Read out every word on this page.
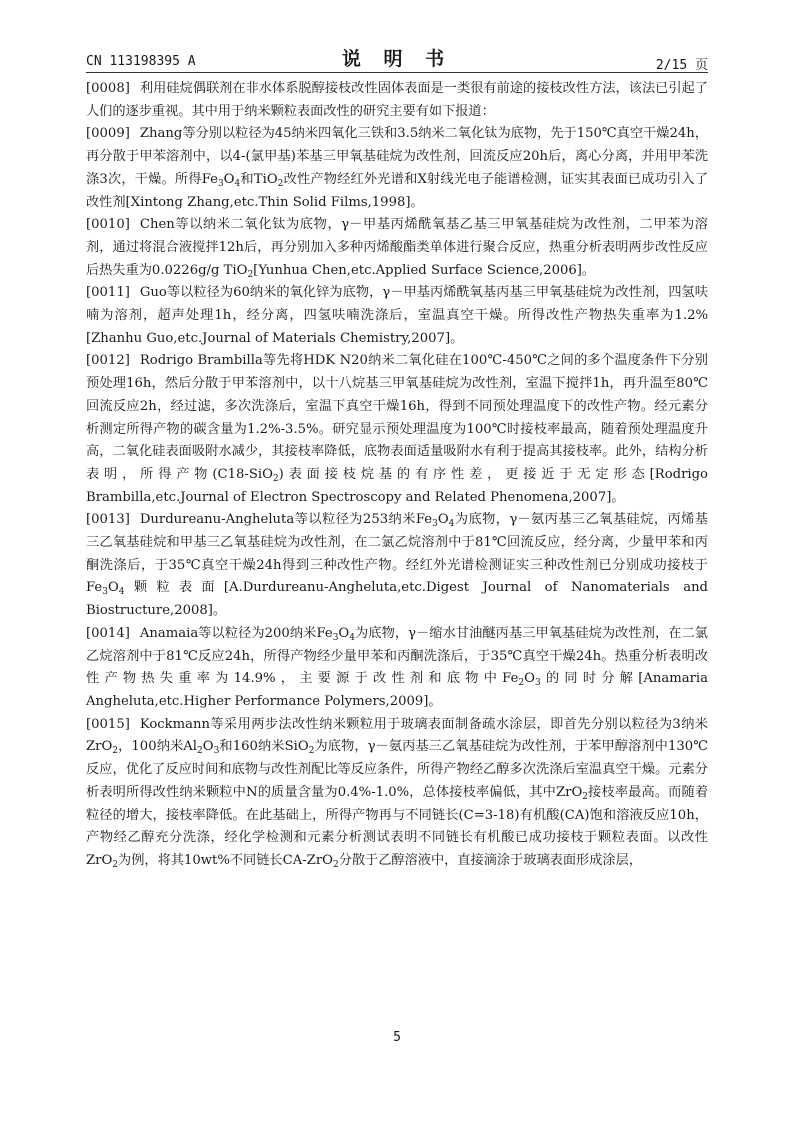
CN 113198395 A	说 明 书	2/15 页

[0008] 利用硅烷偶联剂在非水体系脱醇接枝改性固体表面是一类很有前途的接枝改性方法，该法已引起了人们的逐步重视。其中用于纳米颗粒表面改性的研究主要有如下报道：

[0009] Zhang等分别以粒径为45纳米四氧化三铁和3.5纳米二氧化钛为底物，先于150℃真空干燥24h，再分散于甲苯溶剂中，以4-(氯甲基)苯基三甲氧基硅烷为改性剂，回流反应20h后，离心分离，并用甲苯洗涤3次，干燥。所得$Fe_3O_4$和TiO$_2$改性产物经红外光谱和X射线光电子能谱检测，证实其表面已成功引入了改性剂[Xintong Zhang,etc.Thin Solid Films,1998]。

[0010] Chen等以纳米二氧化钛为底物，γ－甲基丙烯酰氧基乙基三甲氧基硅烷为改性剂，二甲苯为溶剂，通过将混合液搅拌12h后，再分别加入多种丙烯酸酯类单体进行聚合反应，热重分析表明两步改性反应后热失重为0.0226g/g TiO$_2$[Yunhua Chen,etc.Applied Surface Science,2006]。

[0011] Guo等以粒径为60纳米的氧化锌为底物，γ－甲基丙烯酰氧基丙基三甲氧基硅烷为改性剂，四氢呋喃为溶剂，超声处理1h，经分离，四氢呋喃洗涤后，室温真空干燥。所得改性产物热失重率为1.2%[Zhanhu Guo,etc.Journal of Materials Chemistry,2007]。

[0012] Rodrigo Brambilla等先将HDK N20纳米二氧化硅在100℃-450℃之间的多个温度条件下分别预处理16h，然后分散于甲苯溶剂中，以十八烷基三甲氧基硅烷为改性剂，室温下搅拌1h，再升温至80℃回流反应2h，经过滤，多次洗涤后，室温下真空干燥16h，得到不同预处理温度下的改性产物。经元素分析测定所得产物的碳含量为1.2%-3.5%。研究显示预处理温度为100℃时接枝率最高，随着预处理温度升高，二氧化硅表面吸附水减少，其接枝率降低，底物表面适量吸附水有利于提高其接枝率。此外，结构分析表明，所得产物(C18-SiO$_2$)表面接枝烷基的有序性差，更接近于无定形态[Rodrigo Brambilla,etc.Journal of Electron Spectroscopy and Related Phenomena,2007]。

[0013] Durdureanu-Angheluta等以粒径为253纳米$Fe_3O_4$为底物，γ－氨丙基三乙氧基硅烷，丙烯基三乙氧基硅烷和甲基三乙氧基硅烷为改性剂，在二氯乙烷溶剂中于81℃回流反应，经分离，少量甲苯和丙酮洗涤后，于35℃真空干燥24h得到三种改性产物。经红外光谱检测证实三种改性剂已分别成功接枝于$Fe_3O_4$颗粒表面[A.Durdureanu-Angheluta,etc.Digest Journal of Nanomaterials and Biostructure,2008]。

[0014] Anamaia等以粒径为200纳米$Fe_3O_4$为底物，γ－缩水甘油醚丙基三甲氧基硅烷为改性剂，在二氯乙烷溶剂中于81℃反应24h，所得产物经少量甲苯和丙酮洗涤后，于35℃真空干燥24h。热重分析表明改性产物热失重率为14.9%，主要源于改性剂和底物中$Fe_2O_3$的同时分解[Anamaria Angheluta,etc.Higher Performance Polymers,2009]。

[0015] Kockmann等采用两步法改性纳米颗粒用于玻璃表面制备疏水涂层，即首先分别以粒径为3纳米ZrO$_2$，100纳米$Al_2O_3$和160纳米SiO$_2$为底物，γ－氨丙基三乙氧基硅烷为改性剂，于苯甲醇溶剂中130℃反应，优化了反应时间和底物与改性剂配比等反应条件，所得产物经乙醇多次洗涤后室温真空干燥。元素分析表明所得改性纳米颗粒中N的质量含量为0.4%-1.0%，总体接枝率偏低，其中ZrO$_2$接枝率最高。而随着粒径的增大，接枝率降低。在此基础上，所得产物再与不同链长(C=3-18)有机酸(CA)饱和溶液反应10h，产物经乙醇充分洗涤，经化学检测和元素分析测试表明不同链长有机酸已成功接枝于颗粒表面。以改性ZrO$_2$为例，将其10wt%不同链长CA-ZrO$_2$分散于乙醇溶液中，直接滴涂于玻璃表面形成涂层，

5
